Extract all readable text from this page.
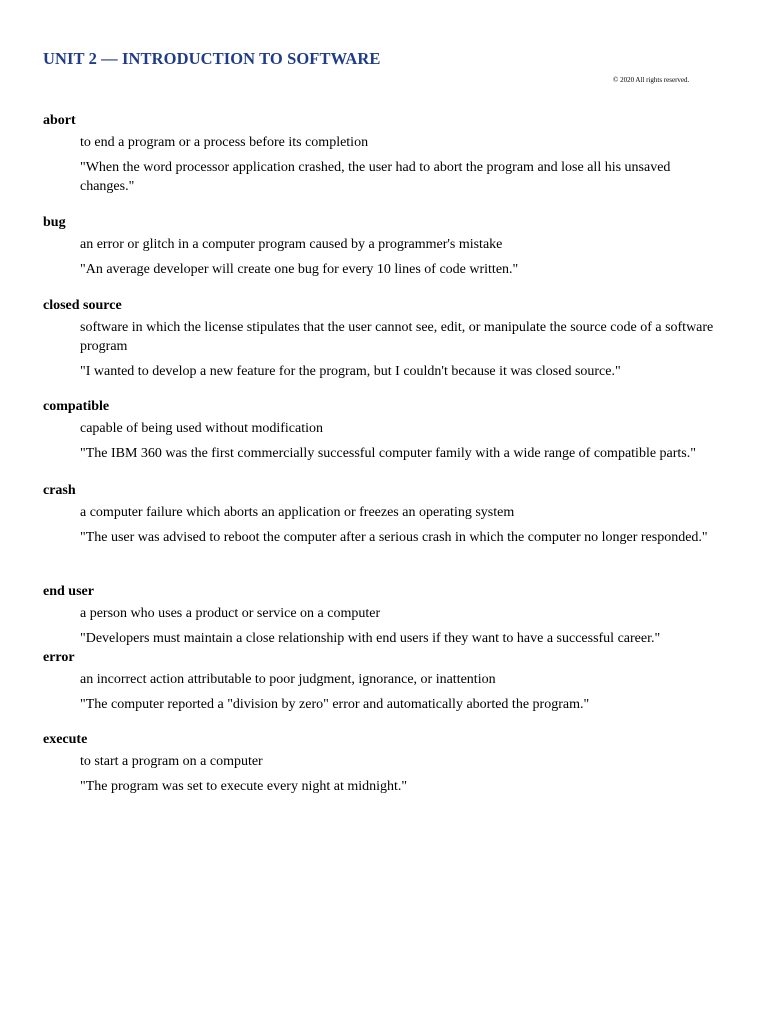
UNIT 2 — INTRODUCTION TO SOFTWARE
© 2020 All rights reserved.
abort
to end a program or a process before its completion
"When the word processor application crashed, the user had to abort the program and lose all his unsaved changes."
bug
an error or glitch in a computer program caused by a programmer's mistake
"An average developer will create one bug for every 10 lines of code written."
closed source
software in which the license stipulates that the user cannot see, edit, or manipulate the source code of a software program
"I wanted to develop a new feature for the program, but I couldn't because it was closed source."
compatible
capable of being used without modification
"The IBM 360 was the first commercially successful computer family with a wide range of compatible parts."
crash
a computer failure which aborts an application or freezes an operating system
"The user was advised to reboot the computer after a serious crash in which the computer no longer responded."
end user
a person who uses a product or service on a computer
"Developers must maintain a close relationship with end users if they want to have a successful career."
error
an incorrect action attributable to poor judgment, ignorance, or inattention
"The computer reported a "division by zero" error and automatically aborted the program."
execute
to start a program on a computer
"The program was set to execute every night at midnight."
